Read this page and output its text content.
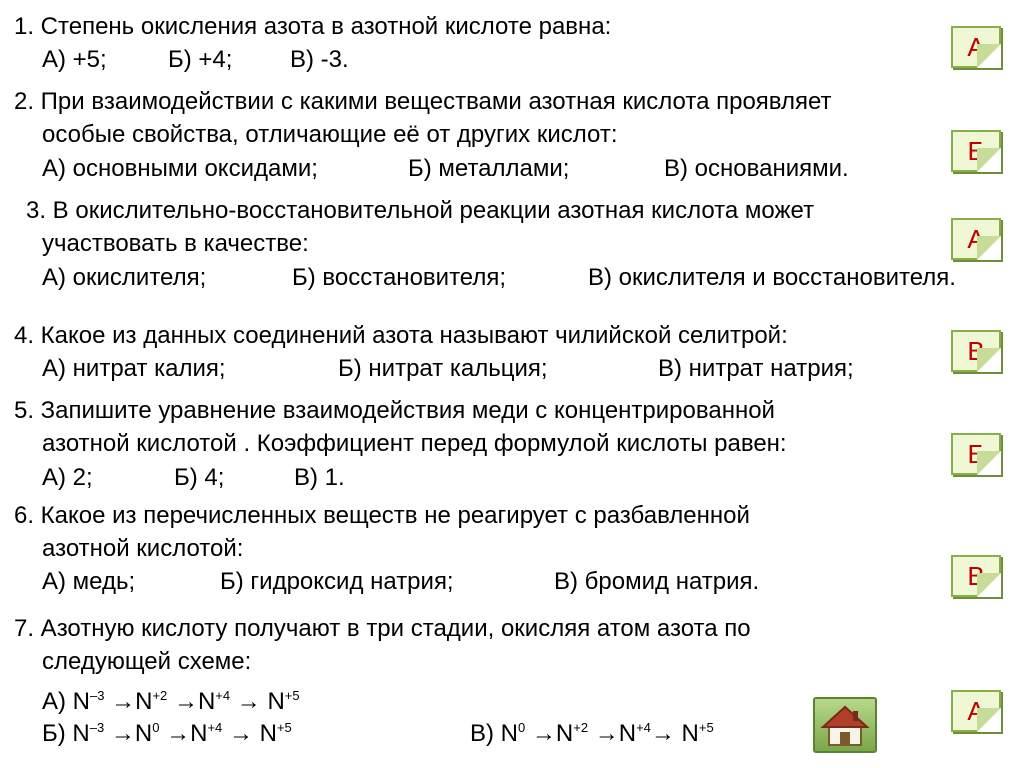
1. Степень окисления азота в азотной кислоте равна:
А) +5;	Б) +4; В) -3.
2. При взаимодействии с какими веществами азотная кислота проявляет
особые свойства, отличающие её от других кислот:
А) основными оксидами;	Б) металлами;	В) основаниями.
3. В окислительно-восстановительной реакции азотная кислота может
участвовать в качестве:
А) окислителя;	Б) восстановителя;	В) окислителя и восстановителя.
4. Какое из данных соединений азота называют чилийской селитрой:
А) нитрат калия;	Б) нитрат кальция;	В) нитрат натрия;
5. Запишите уравнение взаимодействия меди с концентрированной
азотной кислотой . Коэффициент перед формулой кислоты равен:
А) 2;	Б) 4;	В) 1.
6. Какое из перечисленных веществ не реагирует с разбавленной
азотной кислотой:
А) медь;	Б) гидроксид натрия;	В) бромид натрия.
7. Азотную кислоту получают в три стадии, окисляя атом азота по
следующей схеме:
А) $N^{-3} \to N^{+2} \to N^{+4} \to N^{+5}$
Б) $N^{-3} \to N^0 \to N^{+4} \to N^{+5}$	В) $N^0 \to N^{+2} \to N^{+4}\to N^{+5}$
А
Б
А
В
Б
В
А
